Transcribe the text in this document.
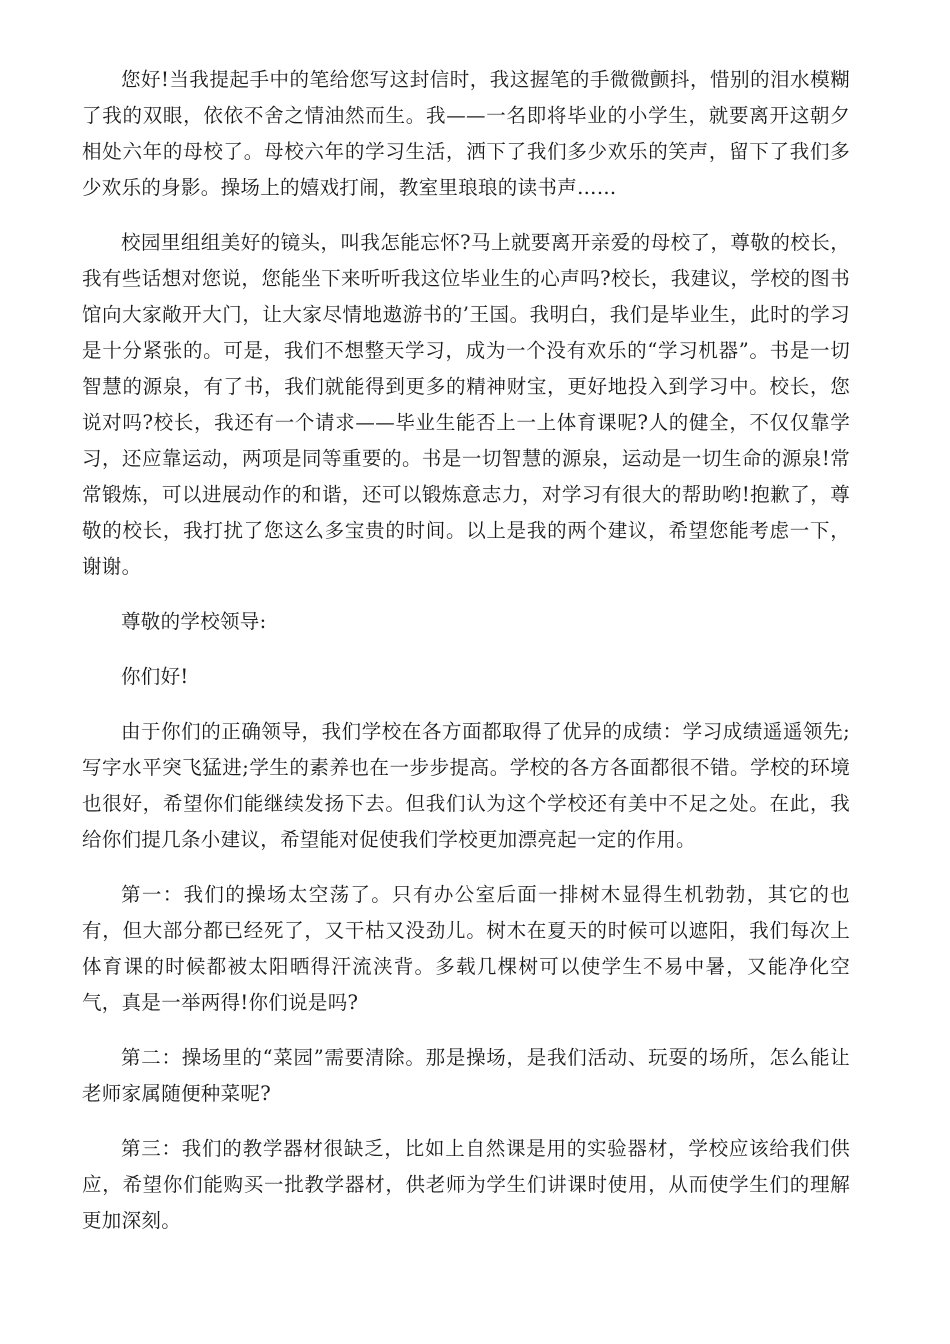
您好!当我提起手中的笔给您写这封信时，我这握笔的手微微颤抖，惜别的泪水模糊了我的双眼，依依不舍之情油然而生。我——一名即将毕业的小学生，就要离开这朝夕相处六年的母校了。母校六年的学习生活，洒下了我们多少欢乐的笑声，留下了我们多少欢乐的身影。操场上的嬉戏打闹，教室里琅琅的读书声……

校园里组组美好的镜头，叫我怎能忘怀?马上就要离开亲爱的母校了，尊敬的校长，我有些话想对您说，您能坐下来听听我这位毕业生的心声吗?校长，我建议，学校的图书馆向大家敞开大门，让大家尽情地遨游书的’王国。我明白，我们是毕业生，此时的学习是十分紧张的。可是，我们不想整天学习，成为一个没有欢乐的“学习机器”。书是一切智慧的源泉，有了书，我们就能得到更多的精神财宝，更好地投入到学习中。校长，您说对吗?校长，我还有一个请求——毕业生能否上一上体育课呢?人的健全，不仅仅靠学习，还应靠运动，两项是同等重要的。书是一切智慧的源泉，运动是一切生命的源泉!常常锻炼，可以进展动作的和谐，还可以锻炼意志力，对学习有很大的帮助哟!抱歉了，尊敬的校长，我打扰了您这么多宝贵的时间。以上是我的两个建议，希望您能考虑一下，谢谢。

尊敬的学校领导:

你们好!

由于你们的正确领导，我们学校在各方面都取得了优异的成绩：学习成绩遥遥领先;写字水平突飞猛进;学生的素养也在一步步提高。学校的各方各面都很不错。学校的环境也很好，希望你们能继续发扬下去。但我们认为这个学校还有美中不足之处。在此，我给你们提几条小建议，希望能对促使我们学校更加漂亮起一定的作用。

第一：我们的操场太空荡了。只有办公室后面一排树木显得生机勃勃，其它的也有，但大部分都已经死了，又干枯又没劲儿。树木在夏天的时候可以遮阳，我们每次上体育课的时候都被太阳晒得汗流浃背。多载几棵树可以使学生不易中暑，又能净化空气，真是一举两得!你们说是吗?

第二：操场里的“菜园”需要清除。那是操场，是我们活动、玩耍的场所，怎么能让老师家属随便种菜呢?

第三：我们的教学器材很缺乏，比如上自然课是用的实验器材，学校应该给我们供应，希望你们能购买一批教学器材，供老师为学生们讲课时使用，从而使学生们的理解更加深刻。
